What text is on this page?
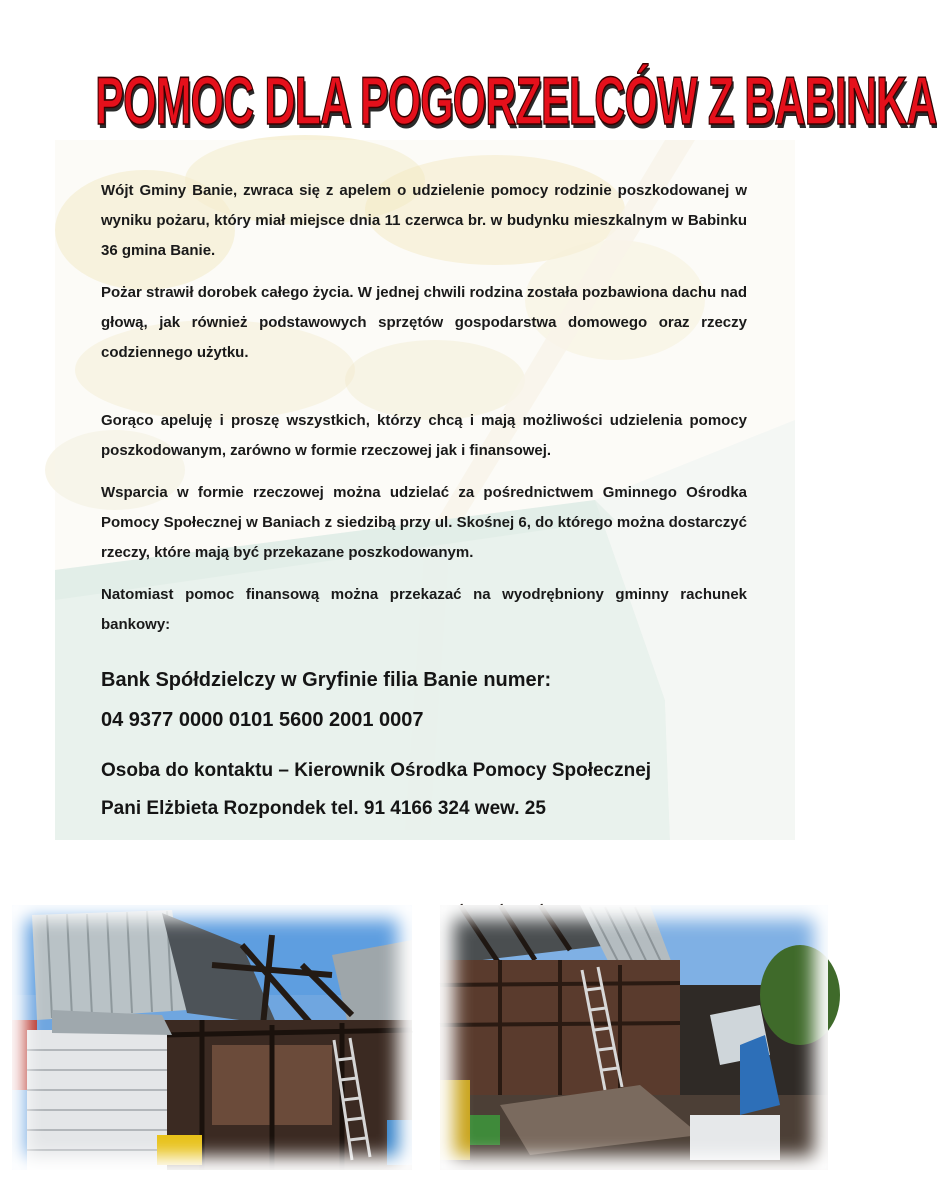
POMOC DLA POGORZELCÓW Z BABINKA

Wójt Gminy Banie, zwraca się z apelem o udzielenie pomocy rodzinie poszkodowanej w wyniku pożaru, który miał miejsce dnia 11 czerwca br. w budynku mieszkalnym w Babinku 36 gmina Banie.

Pożar strawił dorobek całego życia. W jednej chwili rodzina została pozbawiona dachu nad głową, jak również podstawowych sprzętów gospodarstwa domowego oraz rzeczy codziennego użytku.

Gorąco apeluję i proszę wszystkich, którzy chcą i mają możliwości udzielenia pomocy poszkodowanym, zarówno w formie rzeczowej jak i finansowej.

Wsparcia w formie rzeczowej można udzielać za pośrednictwem Gminnego Ośrodka Pomocy Społecznej w Baniach z siedzibą przy ul. Skośnej 6, do którego można dostarczyć rzeczy, które mają być przekazane poszkodowanym.

Natomiast pomoc finansową można przekazać na wyodrębniony gminny rachunek bankowy:

Bank Spółdzielczy w Gryfinie filia Banie numer:
04 9377 0000 0101 5600 2001 0007
Osoba do kontaktu – Kierownik Ośrodka Pomocy Społecznej
Pani Elżbieta Rozpondek tel. 91 4166 324 wew. 25
